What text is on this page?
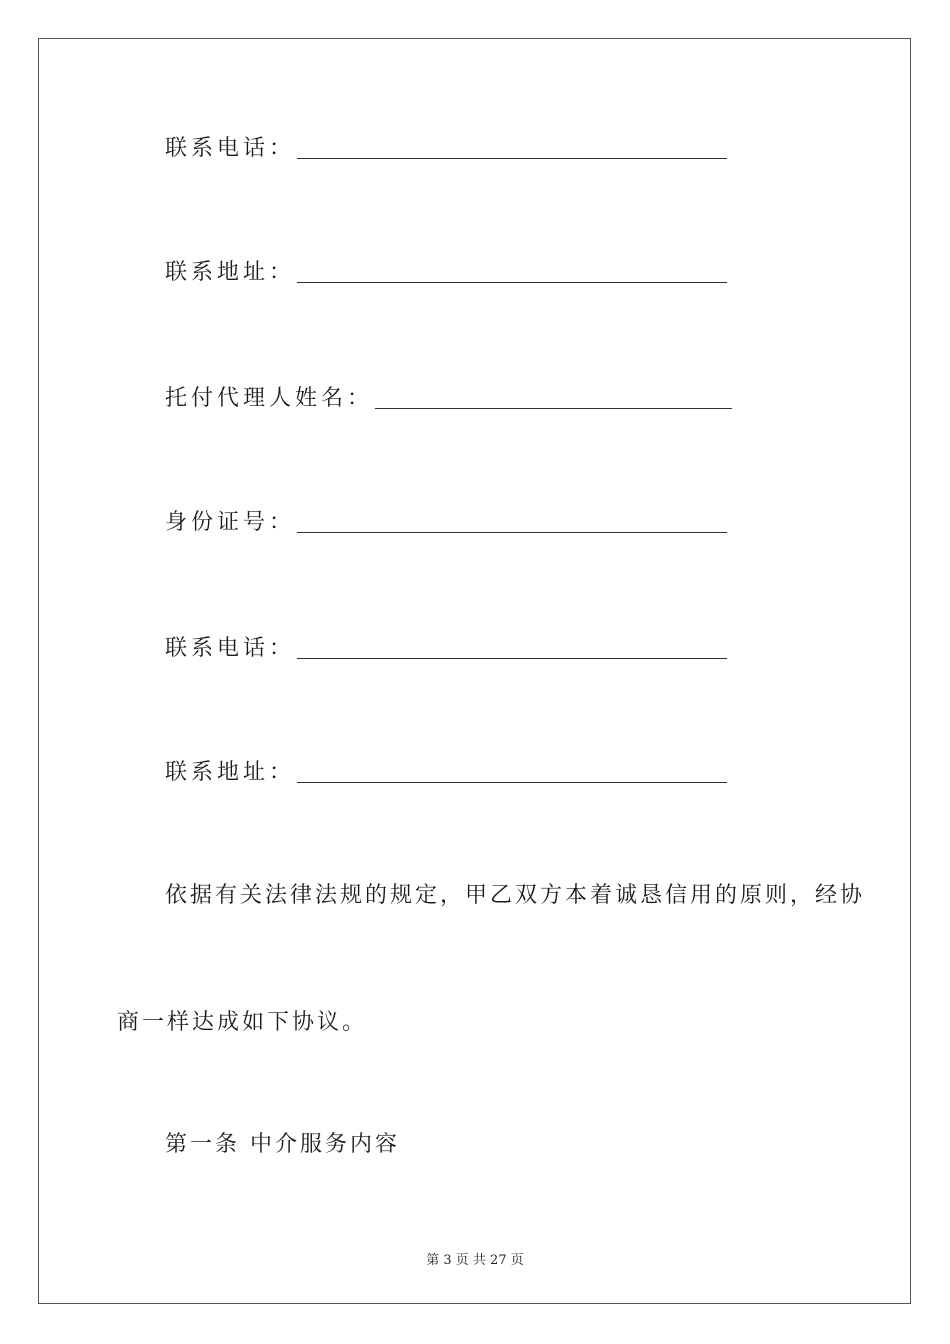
联系电话：
联系地址：
托付代理人姓名：
身份证号：
联系电话：
联系地址：
依据有关法律法规的规定，甲乙双方本着诚恳信用的原则，经协
商一样达成如下协议。
第一条 中介服务内容
第 3 页 共 27 页
